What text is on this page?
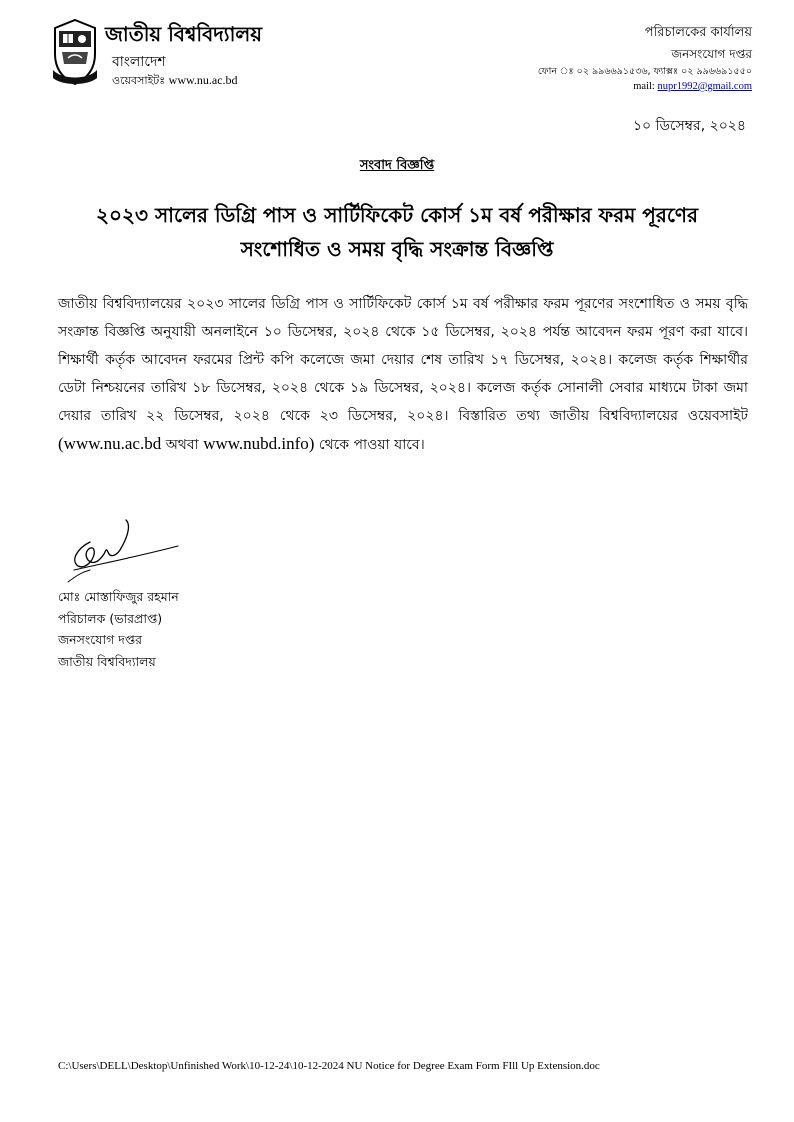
জাতীয় বিশ্ববিদ্যালয়
বাংলাদেশ
ওয়েবসাইটঃ www.nu.ac.bd
পরিচালকের কার্যালয়
জনসংযোগ দপ্তর
ফোন ঃ ০২ ৯৯৬৬৯১৫৩৬, ফ্যাক্সঃ ০২ ৯৯৬৬৯১৫৫০
mail: nupr1992@gmail.com
১০ ডিসেম্বর, ২০২৪
সংবাদ বিজ্ঞপ্তি
২০২৩ সালের ডিগ্রি পাস ও সার্টিফিকেট কোর্স ১ম বর্ষ পরীক্ষার ফরম পূরণের
সংশোধিত ও সময় বৃদ্ধি সংক্রান্ত বিজ্ঞপ্তি
জাতীয় বিশ্ববিদ্যালয়ের ২০২৩ সালের ডিগ্রি পাস ও সার্টিফিকেট কোর্স ১ম বর্ষ পরীক্ষার ফরম পূরণের সংশোধিত ও সময় বৃদ্ধি সংক্রান্ত বিজ্ঞপ্তি অনুযায়ী অনলাইনে ১০ ডিসেম্বর, ২০২৪ থেকে ১৫ ডিসেম্বর, ২০২৪ পর্যন্ত আবেদন ফরম পূরণ করা যাবে। শিক্ষার্থী কর্তৃক আবেদন ফরমের প্রিন্ট কপি কলেজে জমা দেয়ার শেষ তারিখ ১৭ ডিসেম্বর, ২০২৪। কলেজ কর্তৃক শিক্ষার্থীর ডেটা নিশ্চয়নের তারিখ ১৮ ডিসেম্বর, ২০২৪ থেকে ১৯ ডিসেম্বর, ২০২৪। কলেজ কর্তৃক সোনালী সেবার মাধ্যমে টাকা জমা দেয়ার তারিখ ২২ ডিসেম্বর, ২০২৪ থেকে ২৩ ডিসেম্বর, ২০২৪। বিস্তারিত তথ্য জাতীয় বিশ্ববিদ্যালয়ের ওয়েবসাইট (www.nu.ac.bd অথবা www.nubd.info) থেকে পাওয়া যাবে।
মোঃ মোস্তাফিজুর রহমান
পরিচালক (ভারপ্রাপ্ত)
জনসংযোগ দপ্তর
জাতীয় বিশ্ববিদ্যালয়
C:\Users\DELL\Desktop\Unfinished Work\10-12-24\10-12-2024 NU Notice for Degree Exam Form FIll Up Extension.doc
